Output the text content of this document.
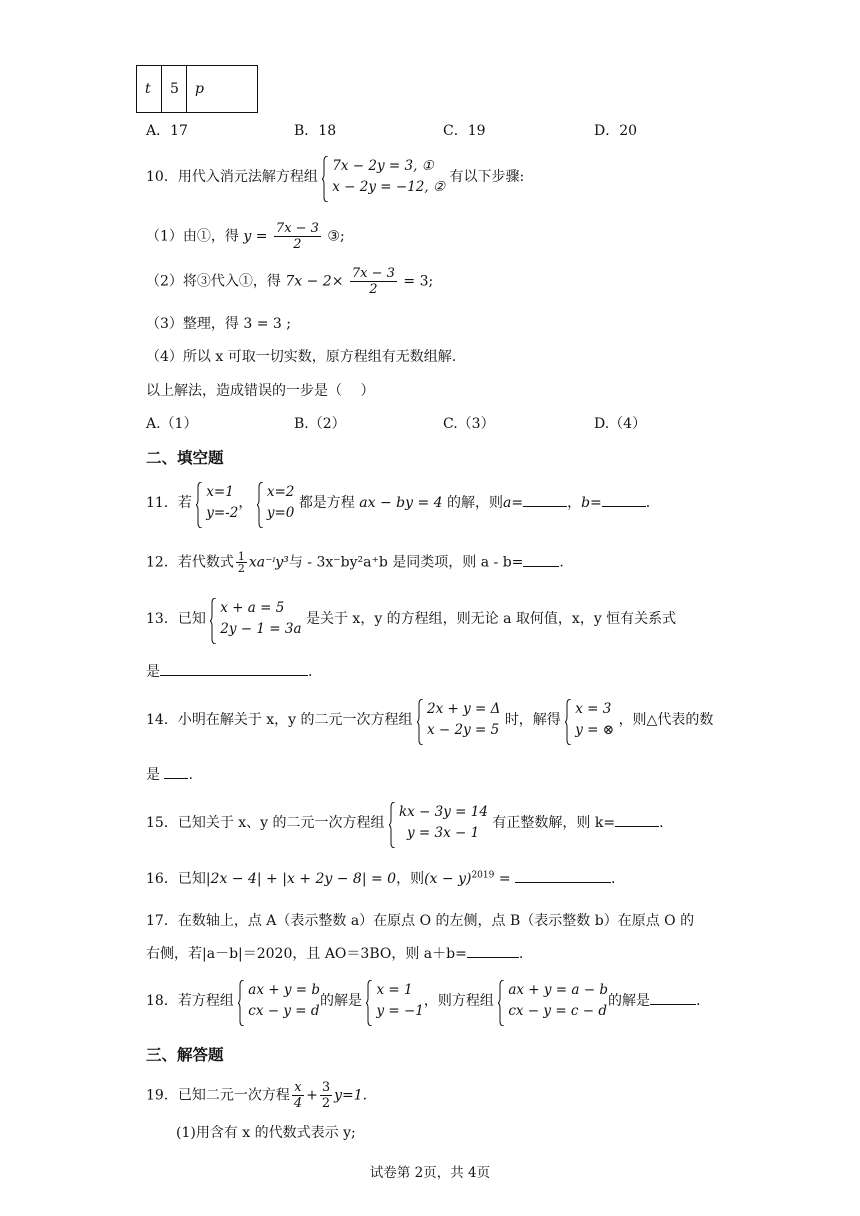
t	5	p
A．17	B．18	C．19	D．20
10．用代入消元法解方程组
7x − 2y = 3, ①
x − 2y = −12, ②
有以下步骤:
（1）由①，得 $y = \frac{7x - 3}{2}$ ③;
（2）将③代入①，得 $7x - 2\times \frac{7x - 3}{2} = 3$;
（3）整理，得 3 = 3 ;
（4）所以 x 可取一切实数，原方程组有无数组解.
以上解法，造成错误的一步是（　 ）
A.（1）	B.（2）	C.（3）	D.（4）
二、填空题
11．若
x=1
y=-2
，
x=2
y=0
都是方程 ax − by = 4 的解，则a=	，b=	.
12．若代数式 $\frac{1}{2}$ xa⁻ᶦy³与 - 3x⁻by²a⁺b 是同类项，则 a - b=	.
13．已知
x + a = 5
2y − 1 = 3a
是关于 x，y 的方程组，则无论 a 取何值，x，y 恒有关系式
是	.
14．小明在解关于 x，y 的二元一次方程组
2x + y = Δ
x − 2y = 5
时，解得
x = 3
y = ⊗
，则△代表的数
是 .
15．已知关于 x、y 的二元一次方程组
kx − 3y = 14
y = 3x − 1
有正整数解，则 k=	.
16．已知|2x − 4| + |x + 2y − 8| = 0，则$(x - y)^{2019}$ =	.
17．在数轴上，点 A（表示整数 a）在原点 O 的左侧，点 B（表示整数 b）在原点 O 的
右侧，若|a－b|＝2020，且 AO＝3BO，则 a＋b=	.
18．若方程组
ax + y = b
cx − y = d
的解是
x = 1
y = −1
，则方程组
ax + y = a − b
cx − y = c − d
的解是	.
三、解答题
19．已知二元一次方程 $\frac{x}{4} + \frac{3}{2} y=1$.
(1)用含有 x 的代数式表示 y;
试卷第 2页，共 4页
